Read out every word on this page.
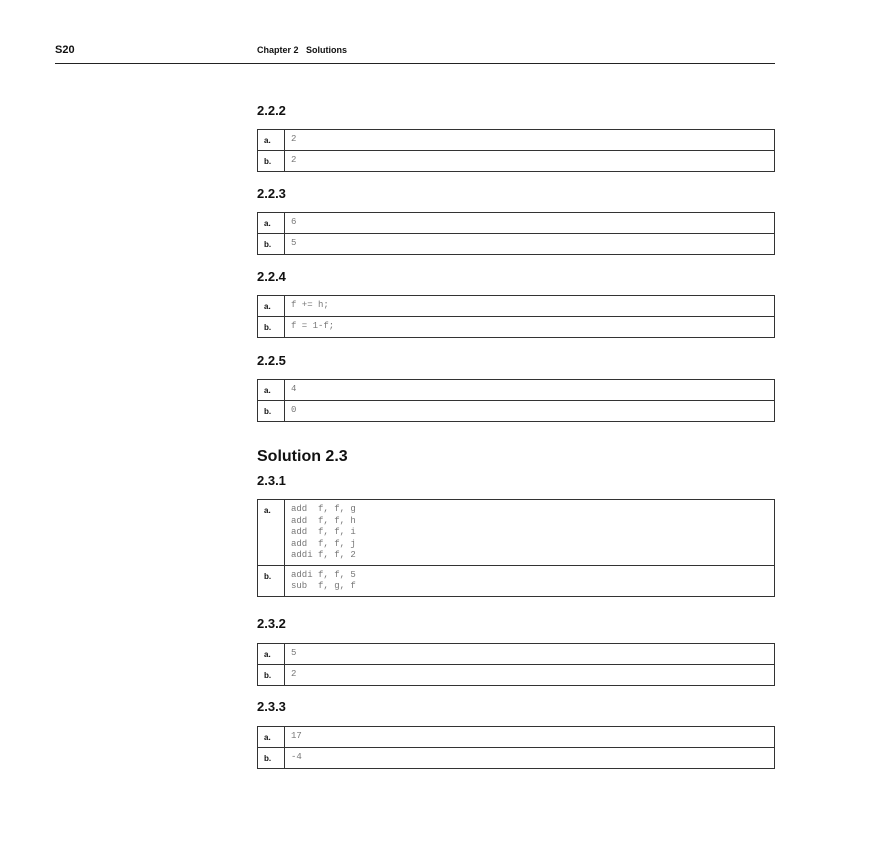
S20	Chapter 2   Solutions
Solution 2.3
2.2.2
a.	2
b.	2
2.2.3
a.	6
b.	5
2.2.4
a.	f += h;
b.	f = 1-f;
2.2.5
a.	4
b.	0
2.3.1
a.	add  f, f, g
add  f, f, h
add  f, f, i
add  f, f, j
addi f, f, 2
b.	addi f, f, 5
sub  f, g, f
2.3.2
a.	5
b.	2
2.3.3
a.	17
b.	-4
